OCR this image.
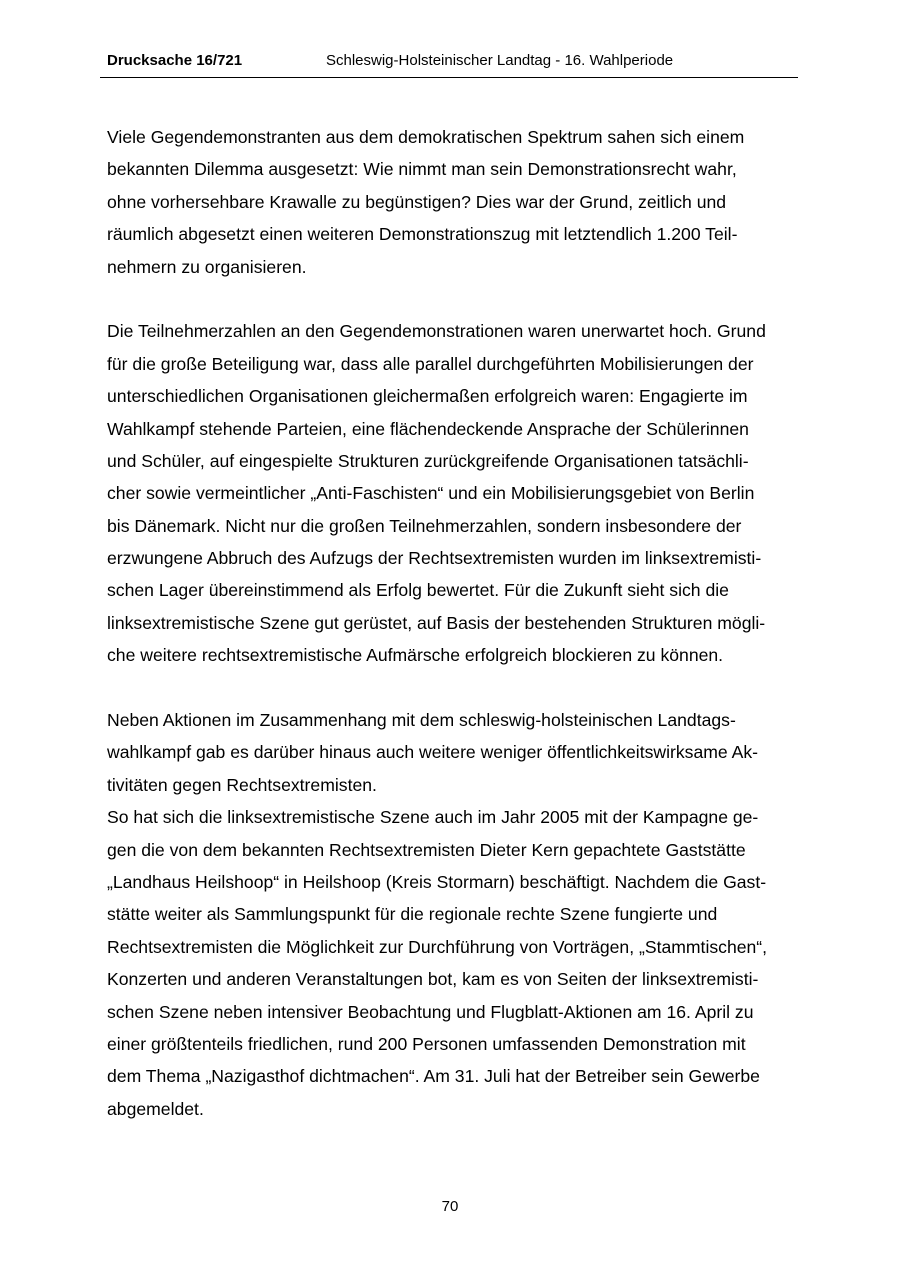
Drucksache 16/721	Schleswig-Holsteinischer Landtag - 16. Wahlperiode
Viele Gegendemonstranten aus dem demokratischen Spektrum sahen sich einem
bekannten Dilemma ausgesetzt: Wie nimmt man sein Demonstrationsrecht wahr,
ohne vorhersehbare Krawalle zu begünstigen? Dies war der Grund, zeitlich und
räumlich abgesetzt einen weiteren Demonstrationszug mit letztendlich 1.200 Teil-
nehmern zu organisieren.
Die Teilnehmerzahlen an den Gegendemonstrationen waren unerwartet hoch. Grund
für die große Beteiligung war, dass alle parallel durchgeführten Mobilisierungen der
unterschiedlichen Organisationen gleichermaßen erfolgreich waren: Engagierte im
Wahlkampf stehende Parteien, eine flächendeckende Ansprache der Schülerinnen
und Schüler, auf eingespielte Strukturen zurückgreifende Organisationen tatsächli-
cher sowie vermeintlicher „Anti-Faschisten“ und ein Mobilisierungsgebiet von Berlin
bis Dänemark. Nicht nur die großen Teilnehmerzahlen, sondern insbesondere der
erzwungene Abbruch des Aufzugs der Rechtsextremisten wurden im linksextremisti-
schen Lager übereinstimmend als Erfolg bewertet. Für die Zukunft sieht sich die
linksextremistische Szene gut gerüstet, auf Basis der bestehenden Strukturen mögli-
che weitere rechtsextremistische Aufmärsche erfolgreich blockieren zu können.
Neben Aktionen im Zusammenhang mit dem schleswig-holsteinischen Landtags-
wahlkampf gab es darüber hinaus auch weitere weniger öffentlichkeitswirksame Ak-
tivitäten gegen Rechtsextremisten.
So hat sich die linksextremistische Szene auch im Jahr 2005 mit der Kampagne ge-
gen die von dem bekannten Rechtsextremisten Dieter Kern gepachtete Gaststätte
„Landhaus Heilshoop“ in Heilshoop (Kreis Stormarn) beschäftigt. Nachdem die Gast-
stätte weiter als Sammlungspunkt für die regionale rechte Szene fungierte und
Rechtsextremisten die Möglichkeit zur Durchführung von Vorträgen, „Stammtischen“,
Konzerten und anderen Veranstaltungen bot, kam es von Seiten der linksextremisti-
schen Szene neben intensiver Beobachtung und Flugblatt-Aktionen am 16. April zu
einer größtenteils friedlichen, rund 200 Personen umfassenden Demonstration mit
dem Thema „Nazigasthof dichtmachen“. Am 31. Juli hat der Betreiber sein Gewerbe
abgemeldet.
70
